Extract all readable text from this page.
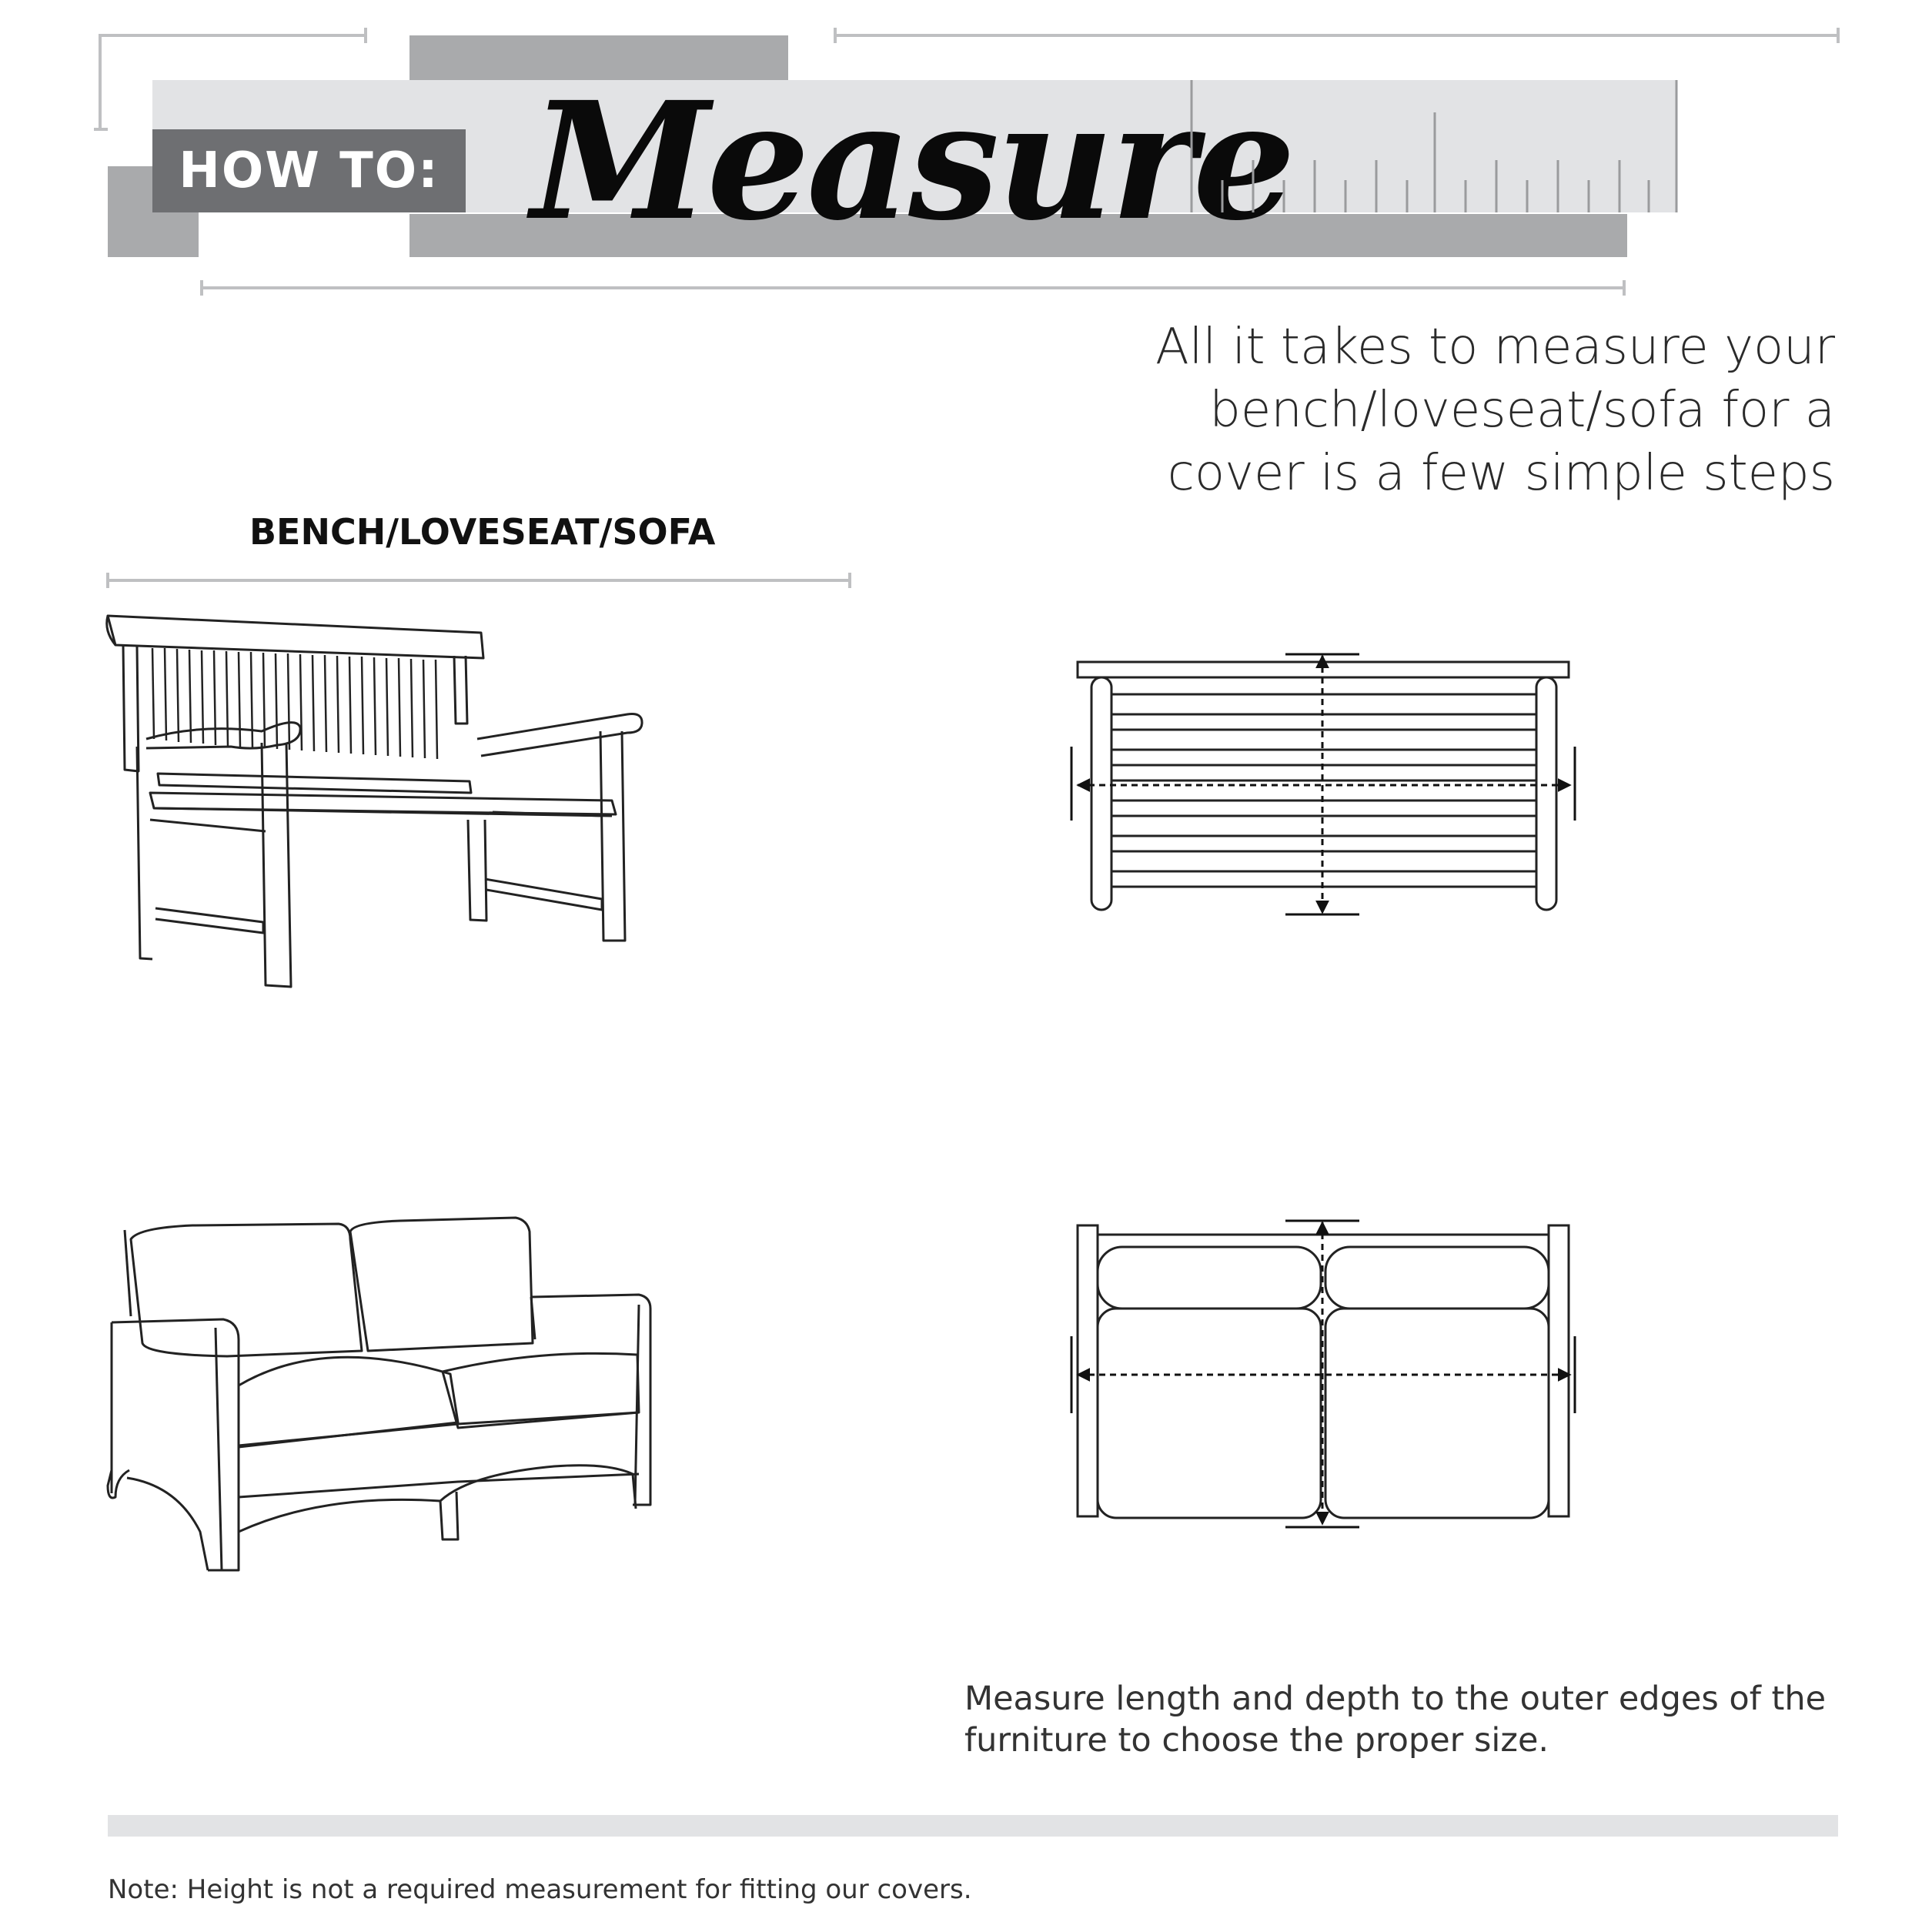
HOW TO: Measure
All it takes to measure your bench/loveseat/sofa for a
cover is a few simple steps
BENCH/LOVESEAT/SOFA
Measure length and depth to the outer edges of the
furniture to choose the proper size.
Note: Height is not a required measurement for fitting our covers.
